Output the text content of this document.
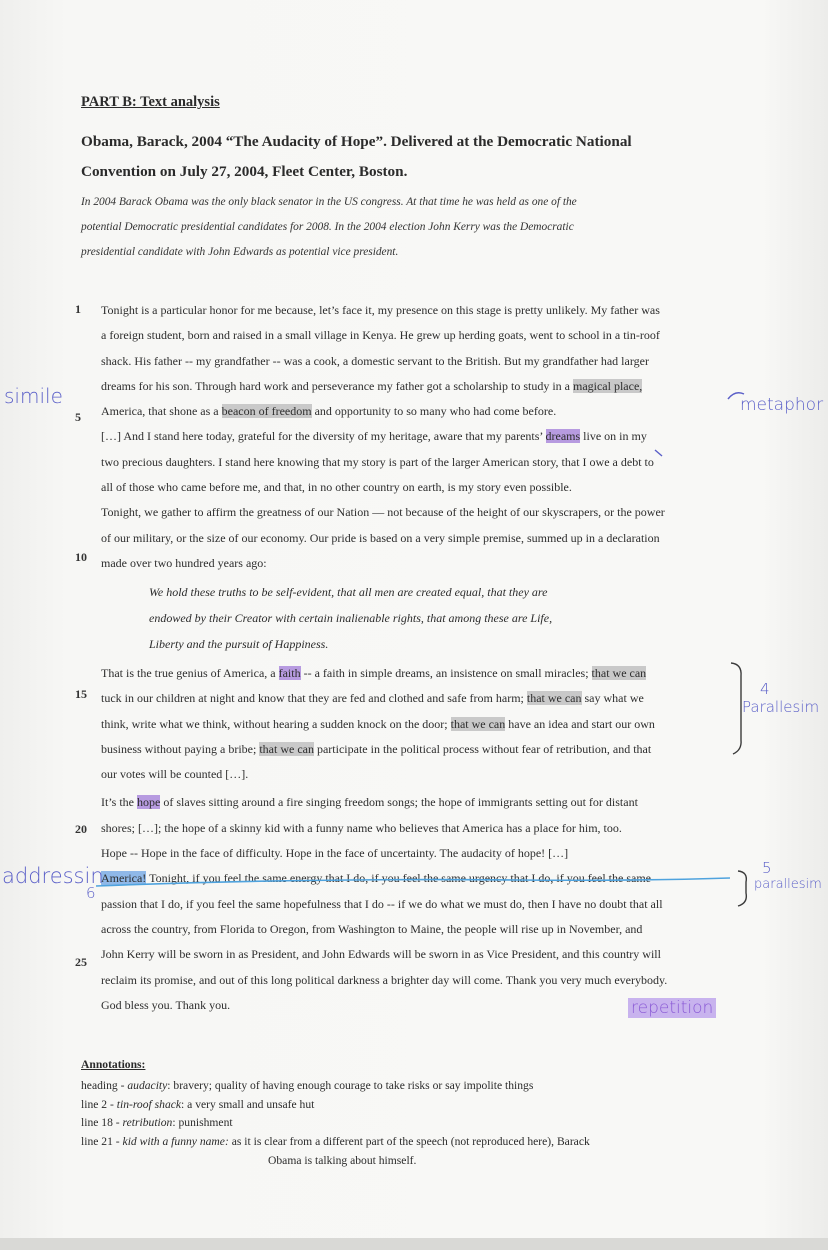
PART B: Text analysis
Obama, Barack, 2004 “The Audacity of Hope”. Delivered at the Democratic National
Convention on July 27, 2004, Fleet Center, Boston.
In 2004 Barack Obama was the only black senator in the US congress. At that time he was held as one of the
potential Democratic presidential candidates for 2008. In the 2004 election John Kerry was the Democratic
presidential candidate with John Edwards as potential vice president.
1
5
10
15
20
25

Tonight is a particular honor for me because, let’s face it, my presence on this stage is pretty unlikely. My father was

a foreign student, born and raised in a small village in Kenya. He grew up herding goats, went to school in a tin-roof

shack. His father -- my grandfather -- was a cook, a domestic servant to the British. But my grandfather had larger

dreams for his son. Through hard work and perseverance my father got a scholarship to study in a magical place,

America, that shone as a beacon of freedom and opportunity to so many who had come before.

[…] And I stand here today, grateful for the diversity of my heritage, aware that my parents’ dreams live on in my

two precious daughters. I stand here knowing that my story is part of the larger American story, that I owe a debt to

all of those who came before me, and that, in no other country on earth, is my story even possible.

Tonight, we gather to affirm the greatness of our Nation — not because of the height of our skyscrapers, or the power

of our military, or the size of our economy. Our pride is based on a very simple premise, summed up in a declaration

made over two hundred years ago:

We hold these truths to be self-evident, that all men are created equal, that they are

endowed by their Creator with certain inalienable rights, that among these are Life,

Liberty and the pursuit of Happiness.

That is the true genius of America, a faith -- a faith in simple dreams, an insistence on small miracles; that we can

tuck in our children at night and know that they are fed and clothed and safe from harm; that we can say what we

think, write what we think, without hearing a sudden knock on the door; that we can have an idea and start our own

business without paying a bribe; that we can participate in the political process without fear of retribution, and that

our votes will be counted […].

It’s the hope of slaves sitting around a fire singing freedom songs; the hope of immigrants setting out for distant

shores; […]; the hope of a skinny kid with a funny name who believes that America has a place for him, too.

Hope -- Hope in the face of difficulty. Hope in the face of uncertainty. The audacity of hope! […]

America! Tonight, if you feel the same energy that I do, if you feel the same urgency that I do, if you feel the same

passion that I do, if you feel the same hopefulness that I do -- if we do what we must do, then I have no doubt that all

across the country, from Florida to Oregon, from Washington to Maine, the people will rise up in November, and

John Kerry will be sworn in as President, and John Edwards will be sworn in as Vice President, and this country will

reclaim its promise, and out of this long political darkness a brighter day will come. Thank you very much everybody.

God bless you. Thank you.

simile	metaphor
4
Parallesim
5
parallesim
addressin
6
repetition

Annotations:

heading - audacity: bravery; quality of having enough courage to take risks or say impolite things

line 2 - tin-roof shack: a very small and unsafe hut

line 18 - retribution: punishment

line 21 - kid with a funny name: as it is clear from a different part of the speech (not reproduced here), Barack

Obama is talking about himself.
